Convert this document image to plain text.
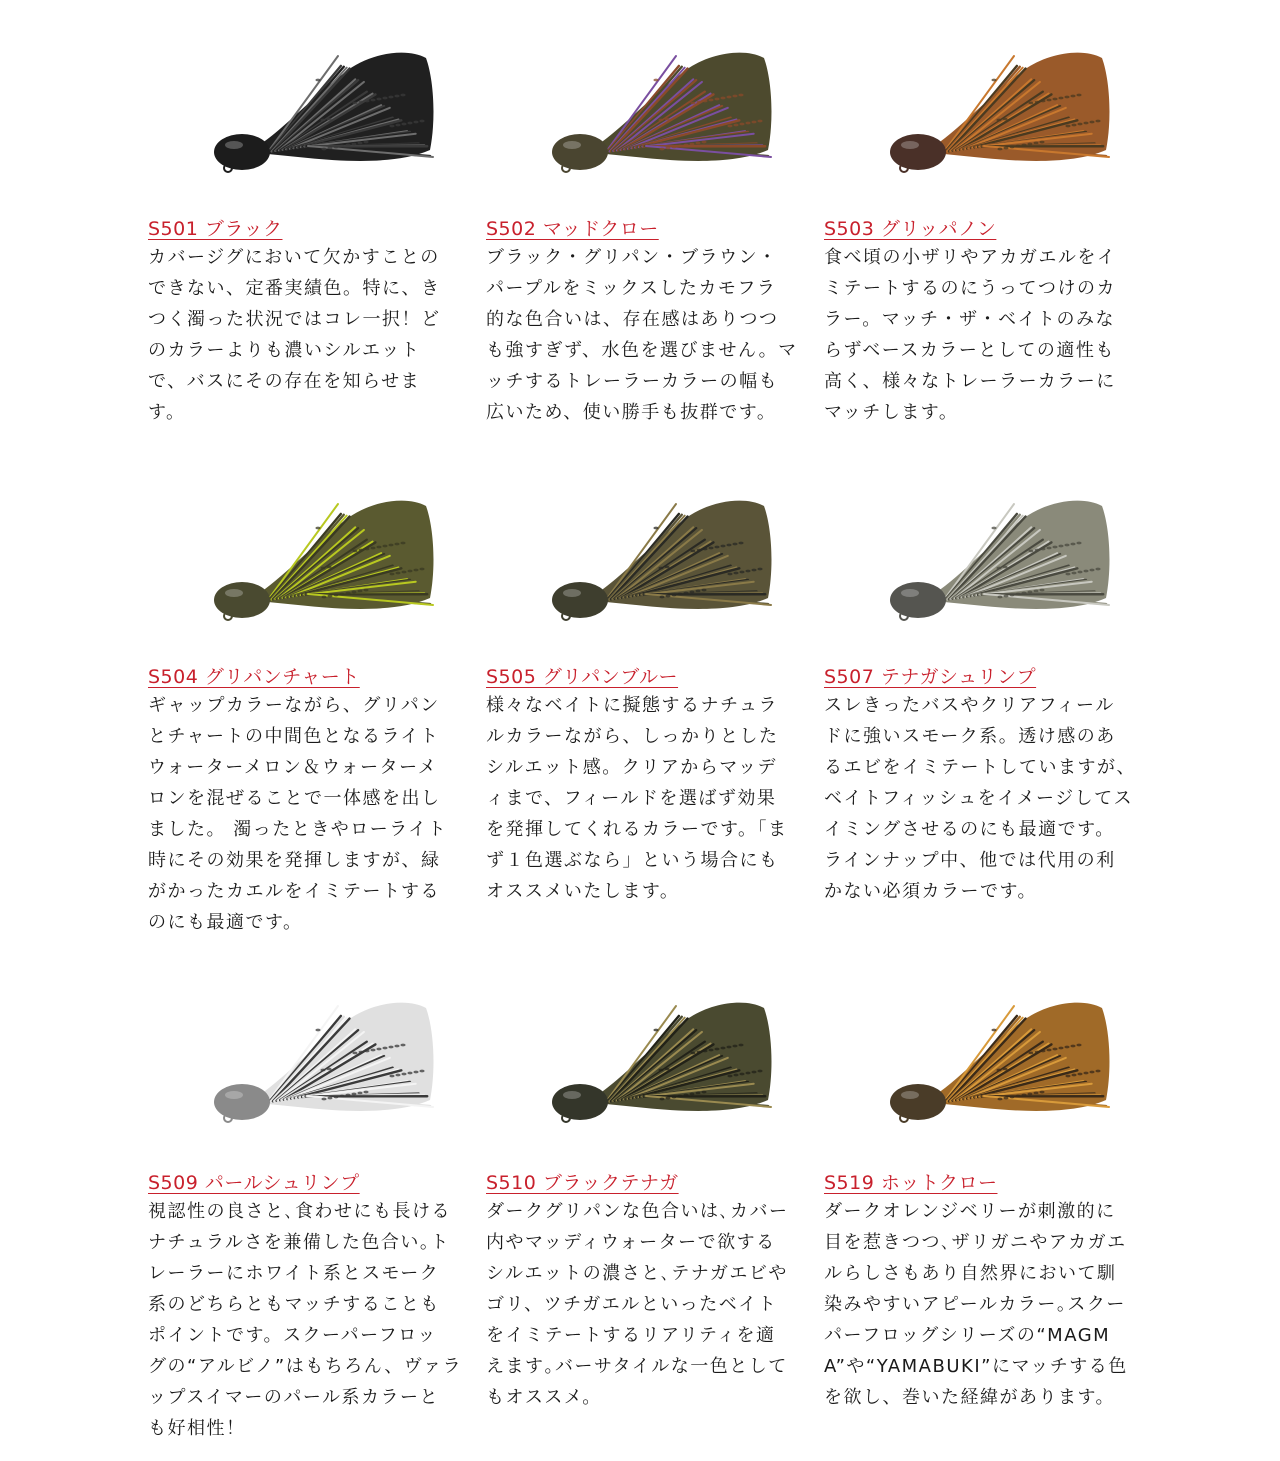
S501 ブラック
カバージグにおいて欠かすことの
できない、定番実績色。特に、き
つく濁った状況ではコレ一択！ど
のカラーよりも濃いシルエット
で、バスにその存在を知らせま
す。
S502 マッドクロー
ブラック・グリパン・ブラウン・
パープルをミックスしたカモフラ
的な色合いは、存在感はありつつ
も強すぎず、水色を選びません。マ
ッチするトレーラーカラーの幅も
広いため、使い勝手も抜群です。
S503 グリッパノン
食べ頃の小ザリやアカガエルをイ
ミテートするのにうってつけのカ
ラー。マッチ・ザ・ベイトのみな
らずベースカラーとしての適性も
高く、様々なトレーラーカラーに
マッチします。
S504 グリパンチャート
ギャップカラーながら、グリパン
とチャートの中間色となるライト
ウォーターメロン＆ウォーターメ
ロンを混ぜることで一体感を出し
ました。 濁ったときやローライト
時にその効果を発揮しますが、緑
がかったカエルをイミテートする
のにも最適です。
S505 グリパンブルー
様々なベイトに擬態するナチュラ
ルカラーながら、しっかりとした
シルエット感。クリアからマッデ
ィまで、フィールドを選ばず効果
を発揮してくれるカラーです。「ま
ず１色選ぶなら」という場合にも
オススメいたします。
S507 テナガシュリンプ
スレきったバスやクリアフィール
ドに強いスモーク系。透け感のあ
るエビをイミテートしていますが、
ベイトフィッシュをイメージしてス
イミングさせるのにも最適です。
ラインナップ中、他では代用の利
かない必須カラーです。
S509 パールシュリンプ
視認性の良さと､食わせにも長ける
ナチュラルさを兼備した色合い｡ト
レーラーにホワイト系とスモーク
系のどちらともマッチすることも
ポイントです。スクーパーフロッ
グの“アルビノ”はもちろん、ヴァラ
ップスイマーのパール系カラーと
も好相性！
S510 ブラックテナガ
ダークグリパンな色合いは､カバー
内やマッディウォーターで欲する
シルエットの濃さと､テナガエビや
ゴリ、ツチガエルといったベイト
をイミテートするリアリティを適
えます｡バーサタイルな一色として
もオススメ。
S519 ホットクロー
ダークオレンジベリーが刺激的に
目を惹きつつ､ザリガニやアカガエ
ルらしさもあり自然界において馴
染みやすいアピールカラー｡スクー
パーフロッグシリーズの“MAGM
A”や“YAMABUKI”にマッチする色
を欲し、巻いた経緯があります。
